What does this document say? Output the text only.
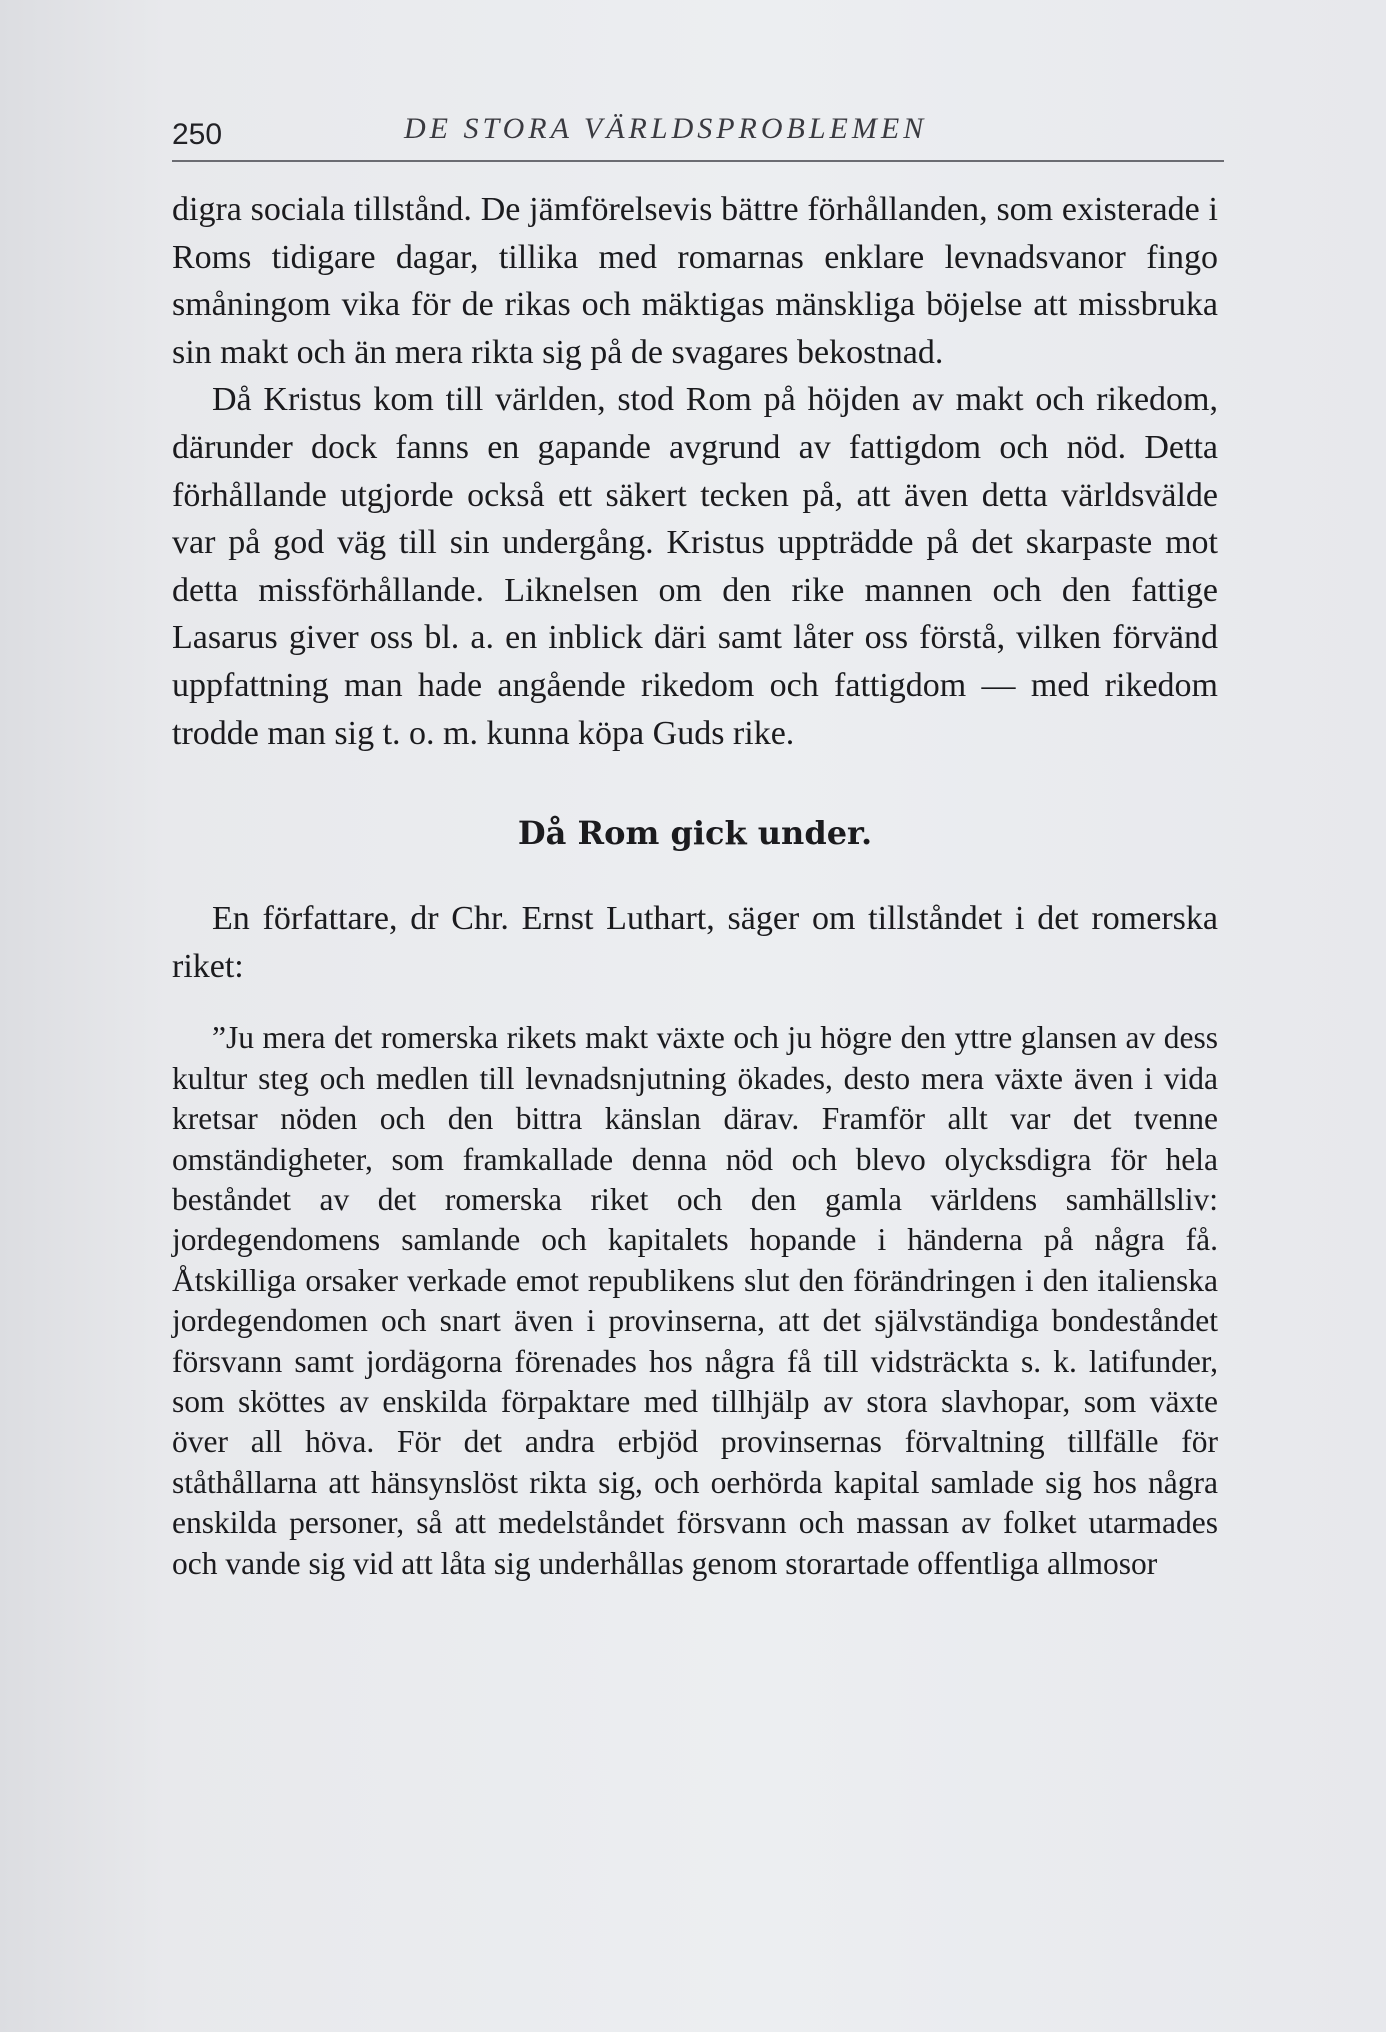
250	DE STORA VÄRLDSPROBLEMEN

digra sociala tillstånd. De jämförelsevis bättre förhållanden, som existerade i Roms tidigare dagar, tillika med romarnas enklare levnadsvanor fingo småningom vika för de rikas och mäktigas mänskliga böjelse att missbruka sin makt och än mera rikta sig på de svagares bekostnad.

Då Kristus kom till världen, stod Rom på höjden av makt och rikedom, därunder dock fanns en gapande avgrund av fattigdom och nöd. Detta förhållande utgjorde också ett säkert tecken på, att även detta världsvälde var på god väg till sin undergång. Kristus uppträdde på det skarpaste mot detta missförhållande. Liknelsen om den rike mannen och den fattige Lasarus giver oss bl. a. en inblick däri samt låter oss förstå, vilken förvänd uppfattning man hade angående rikedom och fattigdom — med rikedom trodde man sig t. o. m. kunna köpa Guds rike.

Då Rom gick under.

En författare, dr Chr. Ernst Luthart, säger om tillståndet i det romerska riket:

”Ju mera det romerska rikets makt växte och ju högre den yttre glansen av dess kultur steg och medlen till levnadsnjutning ökades, desto mera växte även i vida kretsar nöden och den bittra känslan därav. Framför allt var det tvenne omständigheter, som framkallade denna nöd och blevo olycksdigra för hela beståndet av det romerska riket och den gamla världens samhällsliv: jordegendomens samlande och kapitalets hopande i händerna på några få. Åtskilliga orsaker verkade emot republikens slut den förändringen i den italienska jordegendomen och snart även i provinserna, att det självständiga bondeståndet försvann samt jordägorna förenades hos några få till vidsträckta s. k. latifunder, som sköttes av enskilda förpaktare med tillhjälp av stora slavhopar, som växte över all höva. För det andra erbjöd provinsernas förvaltning tillfälle för ståthållarna att hänsynslöst rikta sig, och oerhörda kapital samlade sig hos några enskilda personer, så att medelståndet försvann och massan av folket utarmades och vande sig vid att låta sig underhållas genom storartade offentliga allmosor
